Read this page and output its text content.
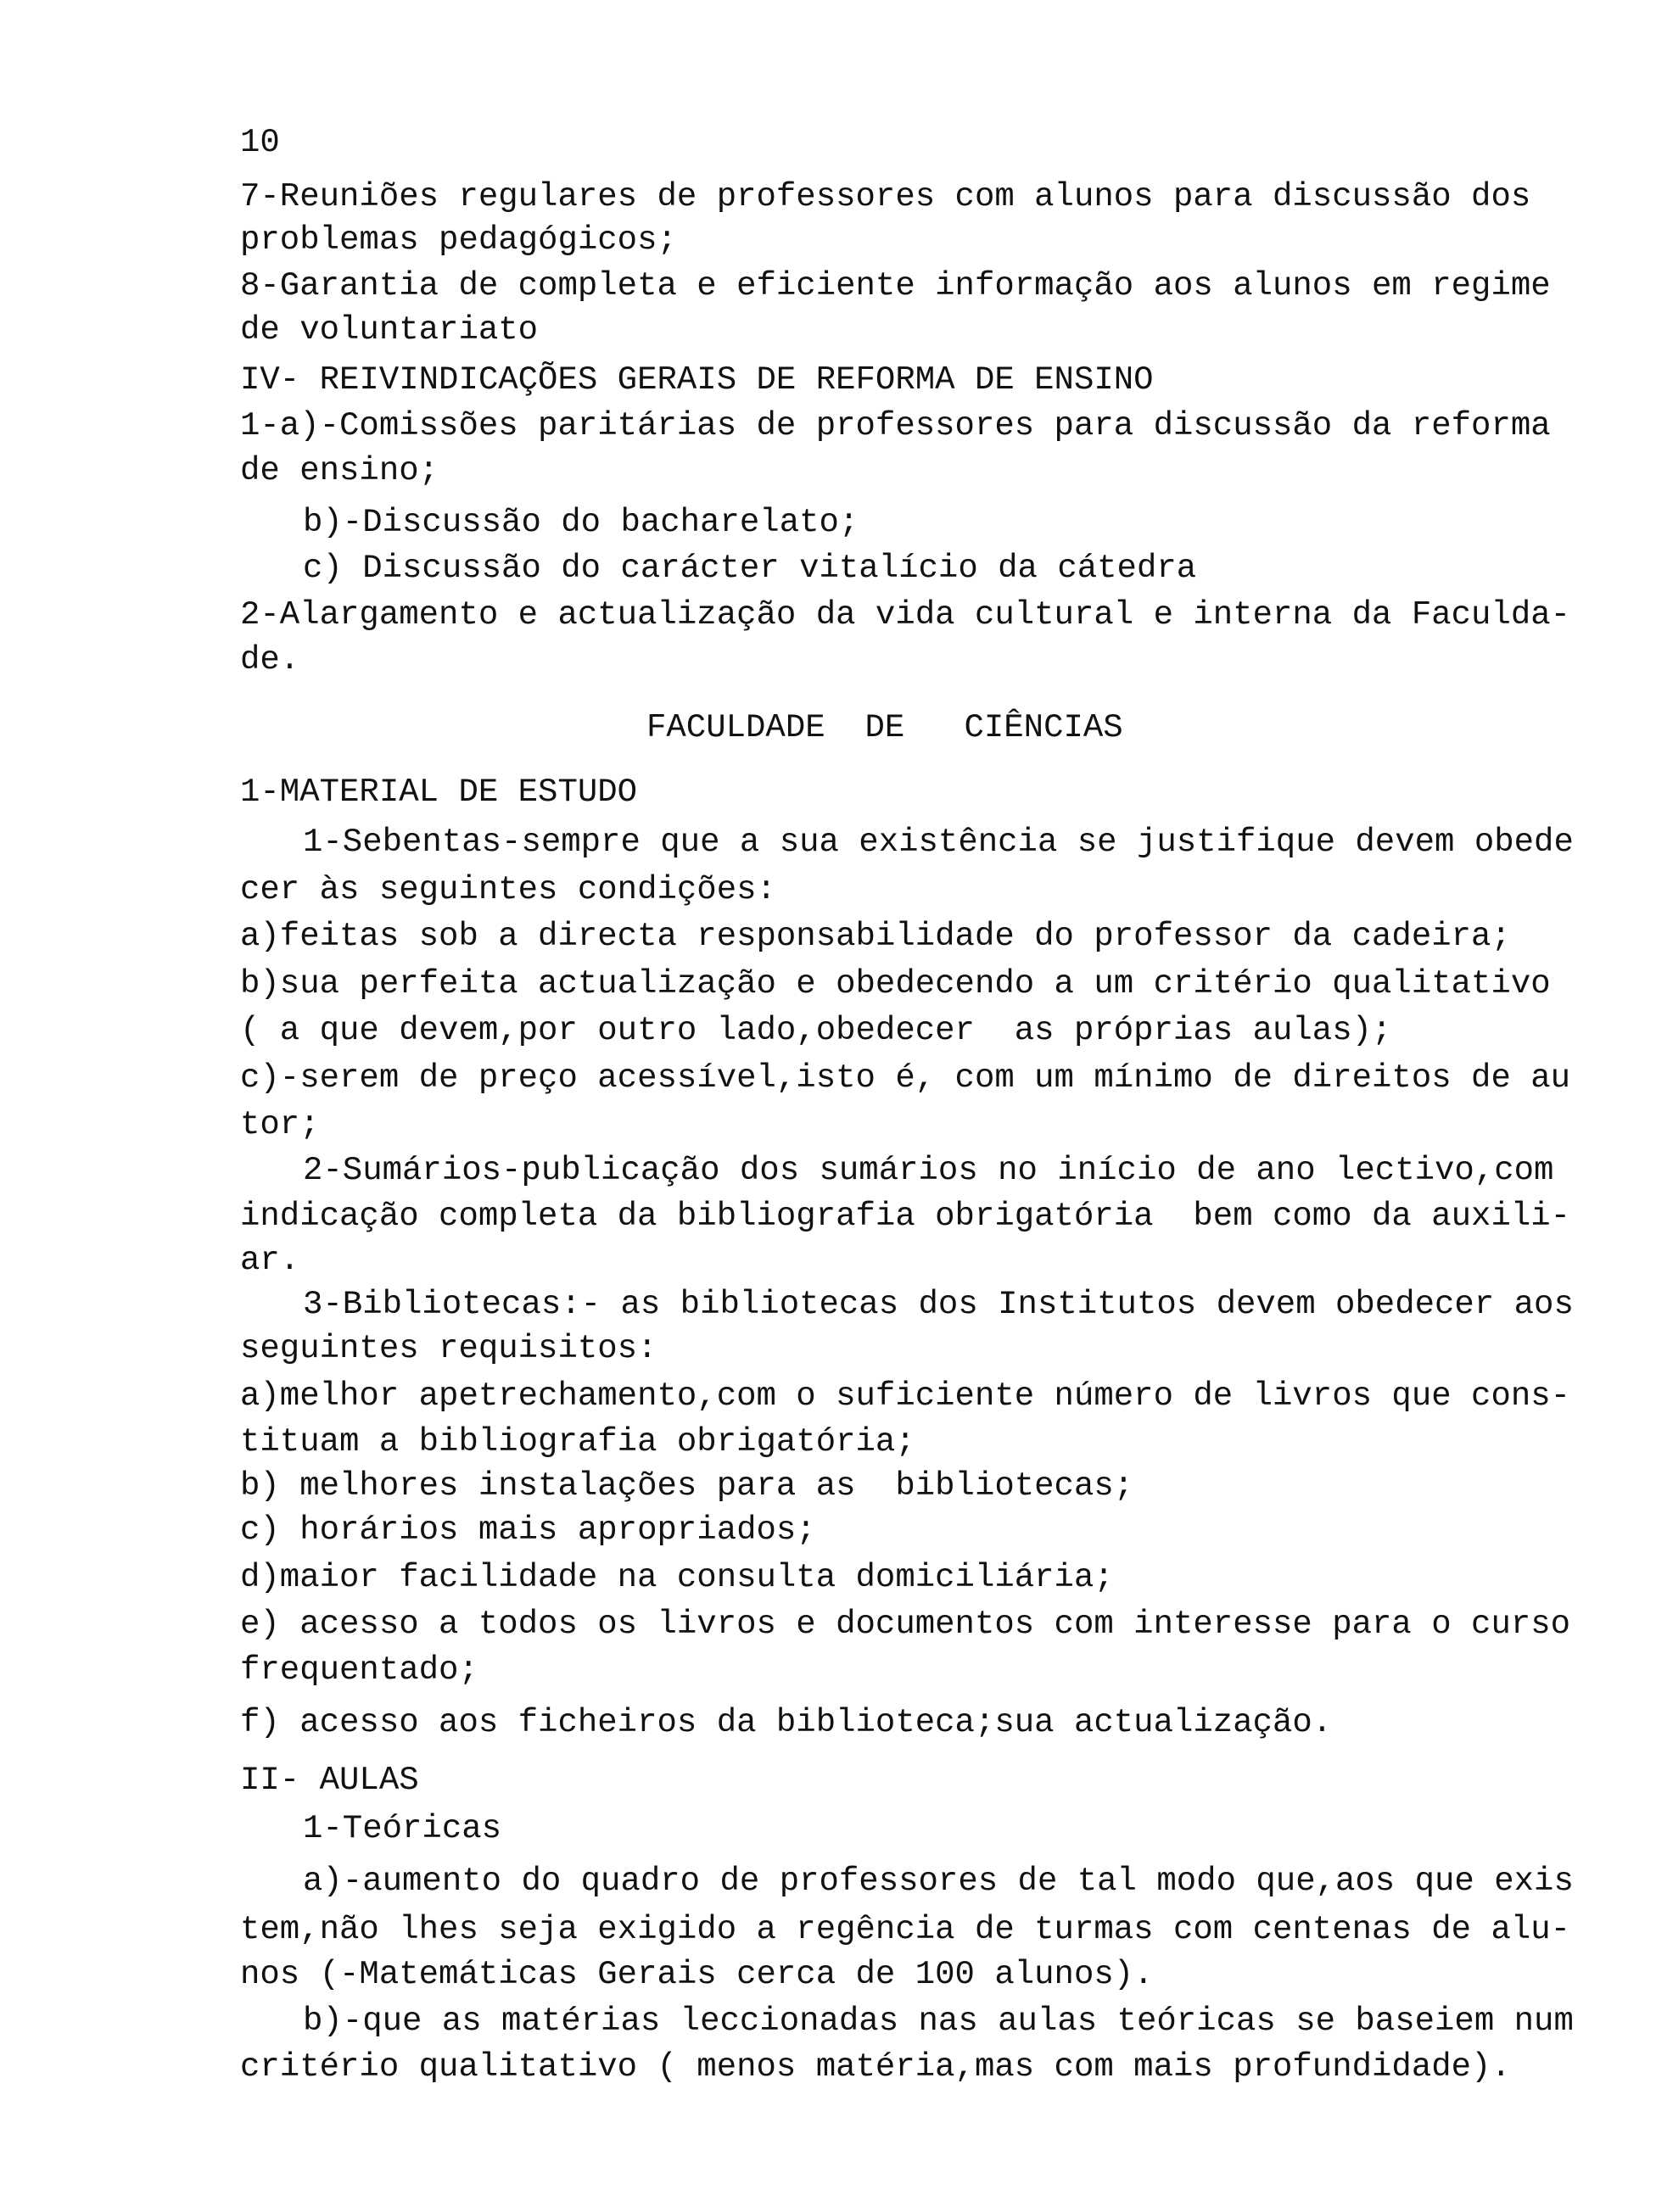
10
7-Reuniões regulares de professores com alunos para discussão dos
problemas pedagógicos;
8-Garantia de completa e eficiente informação aos alunos em regime
de voluntariato
IV- REIVINDICAÇÕES GERAIS DE REFORMA DE ENSINO
1-a)-Comissões paritárias de professores para discussão da reforma
de ensino;
b)-Discussão do bacharelato;
c) Discussão do carácter vitalício da cátedra
2-Alargamento e actualização da vida cultural e interna da Faculda-
de.
FACULDADE  DE   CIÊNCIAS
1-MATERIAL DE ESTUDO
1-Sebentas-sempre que a sua existência se justifique devem obede
cer às seguintes condições:
a)feitas sob a directa responsabilidade do professor da cadeira;
b)sua perfeita actualização e obedecendo a um critério qualitativo
( a que devem,por outro lado,obedecer  as próprias aulas);
c)-serem de preço acessível,isto é, com um mínimo de direitos de au
tor;
2-Sumários-publicação dos sumários no início de ano lectivo,com
indicação completa da bibliografia obrigatória  bem como da auxili-
ar.
3-Bibliotecas:- as bibliotecas dos Institutos devem obedecer aos
seguintes requisitos:
a)melhor apetrechamento,com o suficiente número de livros que cons-
tituam a bibliografia obrigatória;
b) melhores instalações para as  bibliotecas;
c) horários mais apropriados;
d)maior facilidade na consulta domiciliária;
e) acesso a todos os livros e documentos com interesse para o curso
frequentado;
f) acesso aos ficheiros da biblioteca;sua actualização.
II- AULAS
1-Teóricas
a)-aumento do quadro de professores de tal modo que,aos que exis
tem,não lhes seja exigido a regência de turmas com centenas de alu-
nos (-Matemáticas Gerais cerca de 100 alunos).
b)-que as matérias leccionadas nas aulas teóricas se baseiem num
critério qualitativo ( menos matéria,mas com mais profundidade).
